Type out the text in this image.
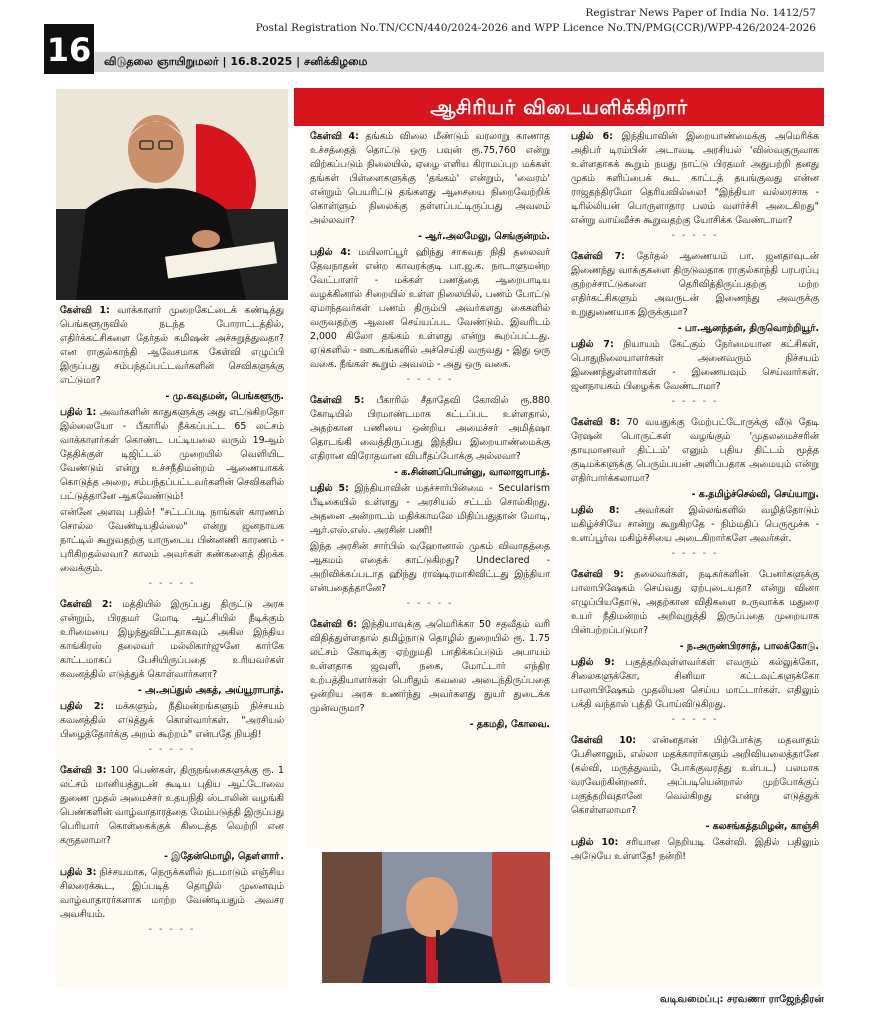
Registrar News Paper of India No. 1412/57
Postal Registration No.TN/CCN/440/2024-2026 and WPP Licence No.TN/PMG(CCR)/WPP-426/2024-2026
16 விடுதலை ஞாயிறுமலர் | 16.8.2025 | சனிக்கிழமை
ஆசிரியர் விடையளிக்கிறார்
கேள்வி 1: வாக்காளர் முறைகேட்டைக் கண்டித்து பெங்களூருவில் நடந்த போராட்டத்தில், எதிர்க்கட்சிகளை தேர்தல் கமிஷன் அச்சுறுத்துவதா? என ராகுல்காந்தி ஆவேசமாக கேள்வி எழுப்பி இருப்பது சம்பந்தப்பட்டவர்களின் செவிகளுக்கு எட்டுமா?
- மு.கவுதமன், பெங்களூரு.
பதில் 1: அவர்களின் காதுகளுக்கு அது எட்டுகிறதோ இல்லையோ - பீகாரில் நீக்கப்பட்ட 65 லட்சம் வாக்காளர்கள் கொண்ட பட்டியலை வரும் 19ஆம் தேதிக்குள் டிஜிட்டல் முறையில் வெளியிட வேண்டும் என்று உச்சநீதிமன்றம் ஆணையாகக் கொடுத்த அறை, சம்பந்தப்பட்டவர்களின் செவிகளில் பட்டுத்தானே ஆகவேண்டும்!
என்னே அளவு பதில்! "சட்டப்படி நாங்கள் காரணம் சொல்ல வேண்டியதில்லை" என்று ஜனநாயக நாட்டில் கூறுவதற்கு யாருடைய பின்னணி காரணம் - புரிகிறதல்லவா? காலம் அவர்கள் கண்களைத் திறக்க வைக்கும்.
- - - - -
கேள்வி 2: மத்தியில் இருப்பது திருட்டு அரசு என்றும், பிரதமர் மோடி ஆட்சியில் நீடிக்கும் உரிமையை இழந்துவிட்டதாகவும் அகில இந்திய காங்கிரஸ் தலைவர் மல்லிகார்ஜுனே கார்கே காட்டமாகப் பேசியிருப்பதை உரியவர்கள் கவனத்தில் எடுத்துக் கொள்வார்களா?
- அ.அப்துல் அகத், அய்யூராபாத்.
பதில் 2: மக்களும், நீதிமன்றங்களும் நிச்சயம் கவனத்தில் எடுத்துக் கொள்வார்கள். "அரசியல் பிழைத்தோர்க்கு அறம் கூற்றம்" என்பதே நியதி!
- - - - -
கேள்வி 3: 100 பெண்கள், திருநங்கைகளுக்கு ரூ. 1 லட்சம் மானியத்துடன் கூடிய புதிய ஆட்டோவை துணை முதல் அமைச்சர் உதயநிதி ஸ்டாலின் வழங்கி பெண்களின் வாழ்வாதாரத்தை மேம்படுத்தி இருப்பது பெரியார் கொள்கைக்குக் கிடைத்த வெற்றி என கருதலாமா?
- இதேன்மொழி, தௌ்ளாா்.
பதில் 3: நிச்சயமாக, நெருக்களில் நடமாடும் எஞ்சிய சிலரைக்கூட, இப்படித் தொழில் முனைவும் வாழ்வாதாரர்களாக மாற்ற வேண்டியதும் அவசர அவசியம்.
- - - - -
கேள்வி 4: தங்கம் விலை மீண்டும் வரலாறு காணாத உச்சத்தைத் தொட்டு ஒரு பவுன் ரூ.75,760 என்று விற்கப்படும் நிலையில், ஏழை எளிய கிராமப்புற மக்கள் தங்கள் பிள்ளைகளுக்கு 'தங்கம்' என்றும், 'வைரம்' என்றும் பெயரிட்டு தங்களது ஆசையை நிறைவேற்றிக் கொள்ளும் நிலைக்கு தள்ளப்பட்டிருப்பது அவலம் அல்லவா?
- ஆர்.அலமேலு, செங்குன்றம்.
பதில் 4: மயிலாப்பூர் ஹிந்து சாசுவத நிதி தலைவர் தேவநாதன் என்ற காவரக்குடி பா.ஜ.க. நாடாளுமன்ற வேட்பாளர் - மக்கள் பணத்தை ஆறைபாடிய வழக்கினால் சிறையில் உள்ள நிலையில், பணம் போட்டு ஏமாந்தவர்கள் பணம் திரும்பி அவர்களது கைகளில் வருவதற்கு ஆவன செய்யப்பட வேண்டும். இவரிடம் 2,000 கிலோ தங்கம் உள்ளது என்று கூறப்பட்டது. ஏடுகளில் - ஊடகங்களில் அச்செய்தி வருவது - இது ஒரு வகை. நீங்கள் கூறும் அவலம் - அது ஒரு வகை.
- - - - -
கேள்வி 5: பீகாரில் சீதாதேவி கோவில் ரூ.880 கோடியில் பிரமாண்டமாக கட்டப்பட உள்ளதால், அதற்கான பணியை ஒன்றிய அமைச்சர் அமித்ஷா தொடங்கி வைத்திருப்பது இந்திய இறையாண்மைக்கு எதிரான விரோதமான விபரீதப்போக்கு அல்லவா?
- க.சின்னப்பொன்னு, வாலாஜாபாத்.
பதில் 5: இந்தியாவின் மதச்சார்பின்மை - Secularism பீடிகையில் உள்ளது - அரசியல் சட்டம் சொல்கிறது. அதனை அன்றாடம் மதிக்காமலே மிதிப்பதுதான் மோடி, ஆர்.எஸ்.எஸ். அரசின் பணி!
இந்த அரசின் சார்பில் வுஹோனால் முகம் விவாதத்தை ஆகமம் எதைக் காட்டுகிறது? Undeclared - அறிவிக்கப்படாத ஹிந்து ராஷ்டிரமாகிவிட்டது இந்தியா என்பதைத்தானே?
- - - - -
கேள்வி 6: இந்தியாவுக்கு அமெரிக்கா 50 சதவீதம் வரி விதித்துள்ளதால் தமிழ்நாடு தொழில் துறையில் ரூ. 1.75 லட்சம் கோடிக்கு ஏற்றுமதி பாதிக்கப்படும் அபாயம் உள்ளதாக ஜவுளி, நகை, மோட்டார் எந்திர உற்பத்தியாளர்கள் பெரிதும் கவலை அடைந்திருப்பதை ஒன்றிய அரசு உணர்ந்து அவர்களது துயர் துடைக்க முன்வருமா?
- தகமதி, கோவை.
பதில் 6: இந்தியாவின் இறையாண்மைக்கு அமெரிக்க அதிபர் டிரம்பின் அடாவடி அரசியல் 'விஸ்வகுருவாக உள்ளதாகக் கூறும் நமது நாட்டு பிரதமர் அதுபற்றி தனது முகம் சுளிப்பைக் கூட காட்டத் தயங்குவது என்ன ராஜதந்திரமோ தெரியவில்லை! "இந்தியா வல்லரசாக - டிரில்லியன் பொருளாதார பலம் வளர்ச்சி அடைகிறது" என்று வாய்வீச்சு கூறுவதற்கு யோசிக்க வேண்டாமா?
- - - - -
கேள்வி 7: தேர்தல் ஆணையம் பா. ஜனதாவுடன் இணைந்து வாக்குகளை திருடுவதாக ராகுல்காந்தி பரபரப்பு குற்றச்சாட்டுகளை தெரிவித்திருப்பதற்கு மற்ற எதிர்கட்சிகளும் அவருடன் இணைந்து அவருக்கு உறுதுணையாக இருக்குமா?
- பா.ஆனந்தன், திருவொற்றியூர்.
பதில் 7: நியாயம் கேட்கும் நேர்மையான கட்சிகள், பொதுநிலையாளர்கள் அனைவரும் நிச்சயம் இணைந்துள்ளார்கள் - இணையவும் செய்வார்கள். ஜனநாயகம் பிழைக்க வேண்டாமா?
- - - - -
கேள்வி 8: 70 வயதுக்கு மேற்பட்டோருக்கு வீடு தேடி ரேஷன் பொருட்கள் வழங்கும் 'முதலமைச்சரின் தாயுமானவர் திட்டம்' எனும் புதிய திட்டம் மூத்த குடிமக்களுக்கு பெரும்பயன் அளிப்பதாக அமையும் என்று எதிர்பார்க்கலாமா?
- க.தமிழ்ச்செல்வி, செய்யாறு.
பதில் 8: அவர்கள் இல்லங்களில் வழித்தோடும் மகிழ்ச்சியே சான்று கூறுகிறதே - நிம்மதிப் பெருமூச்சு - உளப்பூர்வ மகிழ்ச்சியை அடைகிறார்களே அவர்கள்.
- - - - -
கேள்வி 9: தலைவர்கள், நடிகர்களின் பேனர்களுக்கு பாலாபிஷேகம் செய்வது ஏற்புடையதா? என்று வினா எழுப்பியதோடு, அதற்கான விதிகளை உருவாக்க மதுரை உயர் நீதிமன்றம் அறிவுறுத்தி இருப்பதை முறையாக பின்பற்றப்படுமா?
- ந.அருண்பிரசாத், பாலக்கோடு.
பதில் 9: பகுத்தறிவுள்ளவர்கள் எவரும் கல்லுக்கோ, சிலைகளுக்கோ, சினிமா கட்டவுட்களுக்கோ பாலாபிஷேகம் முதலியன செய்ய மாட்டார்கள். எதிலும் பக்தி வந்தால் புத்தி போய்விடுகிறது.
- - - - -
கேள்வி 10: என்னதான் பிற்போக்கு மதவாதம் பேசினாலும், எல்லா மதக்காரர்களும் அறிவியலைத்தானே (கல்வி, மருத்துவம், போக்குவரத்து உள்பட) பலமாக வரவேற்கின்றனர். அப்படியென்றால் முற்போக்குப் பகுத்தறிவுதானே வெல்கிறது என்று எடுத்துக் கொள்ளலாமா?
- கலசங்கத்தமிழன், காஞ்சி
பதில் 10: சரியான நெறியடி கேள்வி. இதில் பதிலும் அடுேயே உள்ளதே! நன்றி!
வடிவமைப்பு: சரவணா ராஜேந்திரன்
